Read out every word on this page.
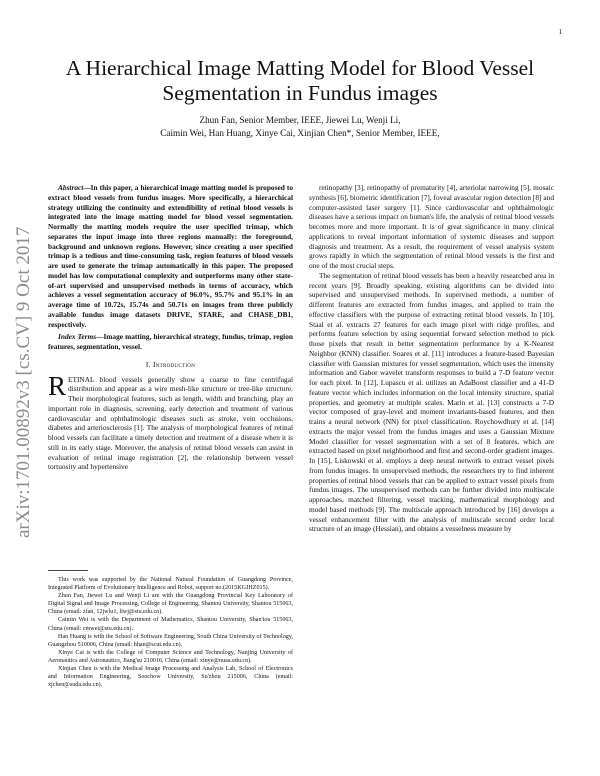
1
arXiv:1701.00892v3 [cs.CV] 9 Oct 2017
A Hierarchical Image Matting Model for Blood Vessel Segmentation in Fundus images
Zhun Fan, Senior Member, IEEE, Jiewei Lu, Wenji Li,
Caimin Wei, Han Huang, Xinye Cai, Xinjian Chen*, Senior Member, IEEE,

Abstract—In this paper, a hierarchical image matting model is proposed to extract blood vessels from fundus images. More specifically, a hierarchical strategy utilizing the continuity and extendibility of retinal blood vessels is integrated into the image matting model for blood vessel segmentation. Normally the matting models require the user specified trimap, which separates the input image into three regions manually: the foreground, background and unknown regions. However, since creating a user specified trimap is a tedious and time-consuming task, region features of blood vessels are used to generate the trimap automatically in this paper. The proposed model has low computational complexity and outperforms many other state-of-art supervised and unsupervised methods in terms of accuracy, which achieves a vessel segmentation accuracy of 96.0%, 95.7% and 95.1% in an average time of 10.72s, 15.74s and 50.71s on images from three publicly available fundus image datasets DRIVE, STARE, and CHASE_DB1, respectively.

Index Terms—Image matting, hierarchical strategy, fundus, trimap, region features, segmentation, vessel.

I. Introduction

RETINAL blood vessels generally show a coarse to fine centrifugal distribution and appear as a wire mesh-like structure or tree-like structure. Their morphological features, such as length, width and branching, play an important role in diagnosis, screening, early detection and treatment of various cardiovascular and ophthalmologic diseases such as stroke, vein occlusions, diabetes and arteriosclerosis [1]. The analysis of morphological features of retinal blood vessels can facilitate a timely detection and treatment of a disease when it is still in its early stage. Moreover, the analysis of retinal blood vessels can assist in evaluation of retinal image registration [2], the relationship between vessel tortuosity and hypertensive

This work was supported by the National Natural Foundation of Guangdong Province, Integrated Platform of Evolutionary Intelligence and Robot, support no.(2015KGJHZ015).

Zhun Fan, Jiewei Lu and Wenji Li are with the Guangdong Provincial Key Laboratory of Digital Signal and Image Processing, College of Engineering, Shantou University, Shantou 515063, China (email: zfan, 12jwlu1, liwj@stu.edu.cn).

Caimin Wei is with the Department of Mathematics, Shantou University, Shan'tou 515063, China (email: cmwei@stu.edu.cn).

Han Huang is with the School of Software Engineering, South China University of Technology, Guangzhou 510006, China (email: hhan@scut.edu.cn).

Xinye Cai is with the College of Computer Science and Technology, Nanjing University of Aeronautics and Astronautics, Jiang'su 210016, China (email: xinye@nuaa.edu.cn).

Xinjian Chen is with the Medical Image Processing and Analysis Lab, School of Electronics and Information Engineering, Soochow University, Su'zhou 215006, China (email: xjchen@suda.edu.cn).

retinopathy [3], retinopathy of prematurity [4], arteriolar narrowing [5], mosaic synthesis [6], biometric identification [7], foveal avascular region detection [8] and computer-assisted laser surgery [1]. Since cardiovascular and ophthalmologic diseases have a serious impact on human's life, the analysis of retinal blood vessels becomes more and more important. It is of great significance in many clinical applications to reveal important information of systemic diseases and support diagnosis and treatment. As a result, the requirement of vessel analysis system grows rapidly in which the segmentation of retinal blood vessels is the first and one of the most crucial steps.

The segmentation of retinal blood vessels has been a heavily researched area in recent years [9]. Broadly speaking, existing algorithms can be divided into supervised and unsupervised methods. In supervised methods, a number of different features are extracted from fundus images, and applied to train the effective classifiers with the purpose of extracting retinal blood vessels. In [10], Staal et al. extracts 27 features for each image pixel with ridge profiles, and performs feature selection by using sequential forward selection method to pick those pixels that result in better segmentation performance by a K-Nearest Neighbor (KNN) classifier. Soares et al. [11] introduces a feature-based Bayesian classifier with Gaussian mixtures for vessel segmentation, which uses the intensity information and Gabor wavelet transform responses to build a 7-D feature vector for each pixel. In [12], Lupascu et al. utilizes an AdaBoost classifier and a 41-D feature vector which includes information on the local intensity structure, spatial properties, and geometry at multiple scales. Marin et al. [13] constructs a 7-D vector composed of gray-level and moment invariants-based features, and then trains a neural network (NN) for pixel classification. Roychowdhury et al. [14] extracts the major vessel from the fundus images and uses a Gaussian Mixture Model classifier for vessel segmentation with a set of 8 features, which are extracted based on pixel neighborhood and first and second-order gradient images. In [15], Liskowski et al. employs a deep neural network to extract vessel pixels from fundus images. In unsupervised methods, the researchers try to find inherent properties of retinal blood vessels that can be applied to extract vessel pixels from fundus images. The unsupervised methods can be further divided into multiscale approaches, matched filtering, vessel tracking, mathematical morphology and model based methods [9]. The multiscale approach introduced by [16] develops a vessel enhancement filter with the analysis of multiscale second order local structure of an image (Hessian), and obtains a vesselness measure by
